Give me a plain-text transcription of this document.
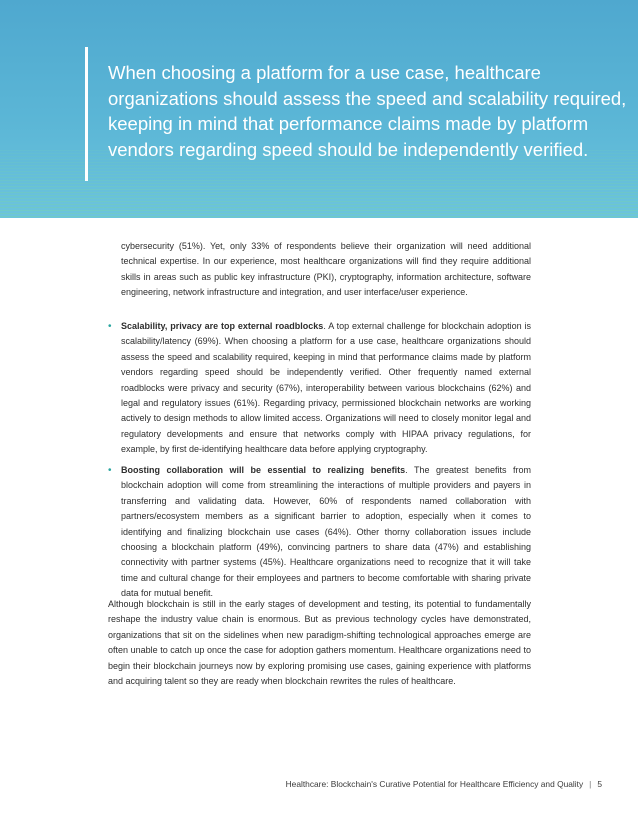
When choosing a platform for a use case, healthcare organizations should assess the speed and scalability required, keeping in mind that performance claims made by platform vendors regarding speed should be independently verified.

cybersecurity (51%). Yet, only 33% of respondents believe their organization will need additional technical expertise. In our experience, most healthcare organizations will find they require additional skills in areas such as public key infrastructure (PKI), cryptography, information architecture, software engineering, network infrastructure and integration, and user interface/user experience.

• Scalability, privacy are top external roadblocks. A top external challenge for blockchain adoption is scalability/latency (69%). When choosing a platform for a use case, healthcare organizations should assess the speed and scalability required, keeping in mind that performance claims made by platform vendors regarding speed should be independently verified. Other frequently named external roadblocks were privacy and security (67%), interoperability between various blockchains (62%) and legal and regulatory issues (61%). Regarding privacy, permissioned blockchain networks are working actively to design methods to allow limited access. Organizations will need to closely monitor legal and regulatory developments and ensure that networks comply with HIPAA privacy regulations, for example, by first de-identifying healthcare data before applying cryptography.

• Boosting collaboration will be essential to realizing benefits. The greatest benefits from blockchain adoption will come from streamlining the interactions of multiple providers and payers in transferring and validating data. However, 60% of respondents named collaboration with partners/ecosystem members as a significant barrier to adoption, especially when it comes to identifying and finalizing blockchain use cases (64%). Other thorny collaboration issues include choosing a blockchain platform (49%), convincing partners to share data (47%) and establishing connectivity with partner systems (45%). Healthcare organizations need to recognize that it will take time and cultural change for their employees and partners to become comfortable with sharing private data for mutual benefit.

Although blockchain is still in the early stages of development and testing, its potential to fundamentally reshape the industry value chain is enormous. But as previous technology cycles have demonstrated, organizations that sit on the sidelines when new paradigm-shifting technological approaches emerge are often unable to catch up once the case for adoption gathers momentum. Healthcare organizations need to begin their blockchain journeys now by exploring promising use cases, gaining experience with platforms and acquiring talent so they are ready when blockchain rewrites the rules of healthcare.

Healthcare: Blockchain's Curative Potential for Healthcare Efficiency and Quality | 5
